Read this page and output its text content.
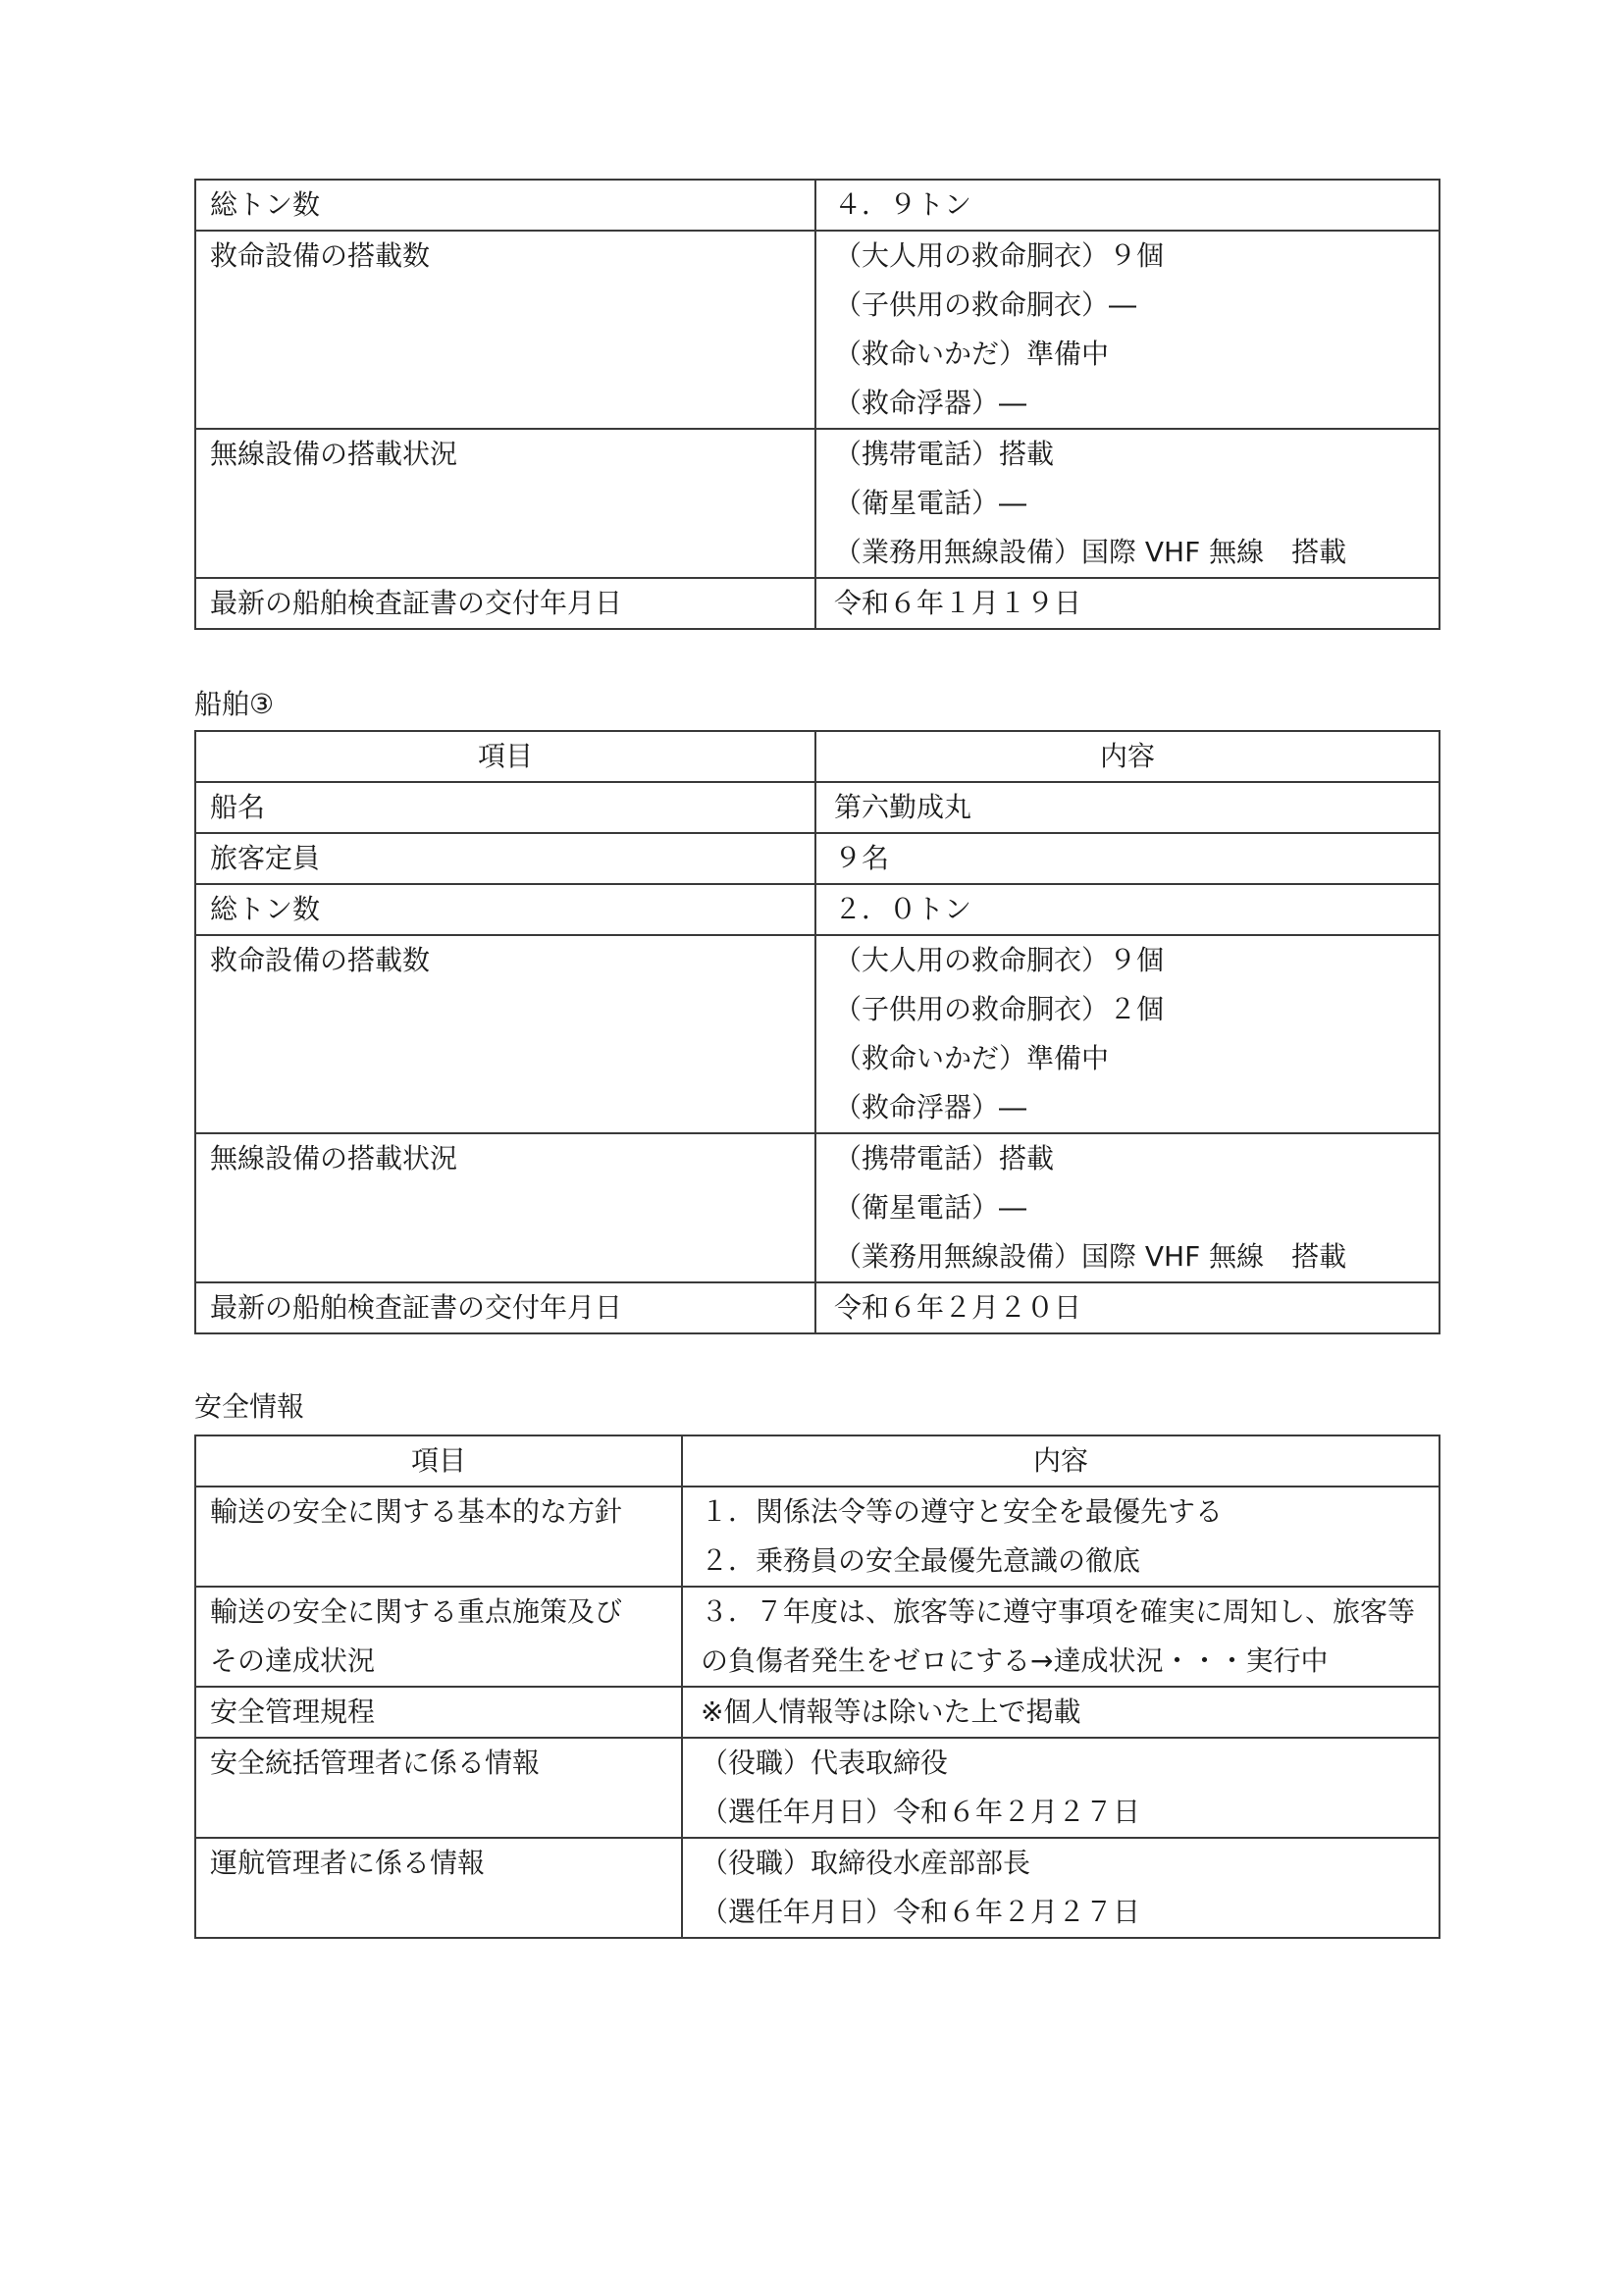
総トン数	４．９トン

救命設備の搭載数	（大人用の救命胴衣）９個
（子供用の救命胴衣）―
（救命いかだ）準備中
（救命浮器）―

無線設備の搭載状況	（携帯電話）搭載
（衛星電話）―
（業務用無線設備）国際 VHF 無線　搭載

最新の船舶検査証書の交付年月日	令和６年１月１９日
船舶③
項目	内容

船名	第六勤成丸

旅客定員	９名

総トン数	２．０トン

救命設備の搭載数	（大人用の救命胴衣）９個
（子供用の救命胴衣）２個
（救命いかだ）準備中
（救命浮器）―

無線設備の搭載状況	（携帯電話）搭載
（衛星電話）―
（業務用無線設備）国際 VHF 無線　搭載

最新の船舶検査証書の交付年月日	令和６年２月２０日
安全情報
項目	内容

輸送の安全に関する基本的な方針	１．関係法令等の遵守と安全を最優先する
２．乗務員の安全最優先意識の徹底

輸送の安全に関する重点施策及び
その達成状況	３．７年度は、旅客等に遵守事項を確実に周知し、旅客等
の負傷者発生をゼロにする→達成状況・・・実行中

安全管理規程	※個人情報等は除いた上で掲載

安全統括管理者に係る情報	（役職）代表取締役
（選任年月日）令和６年２月２７日

運航管理者に係る情報	（役職）取締役水産部部長
（選任年月日）令和６年２月２７日
